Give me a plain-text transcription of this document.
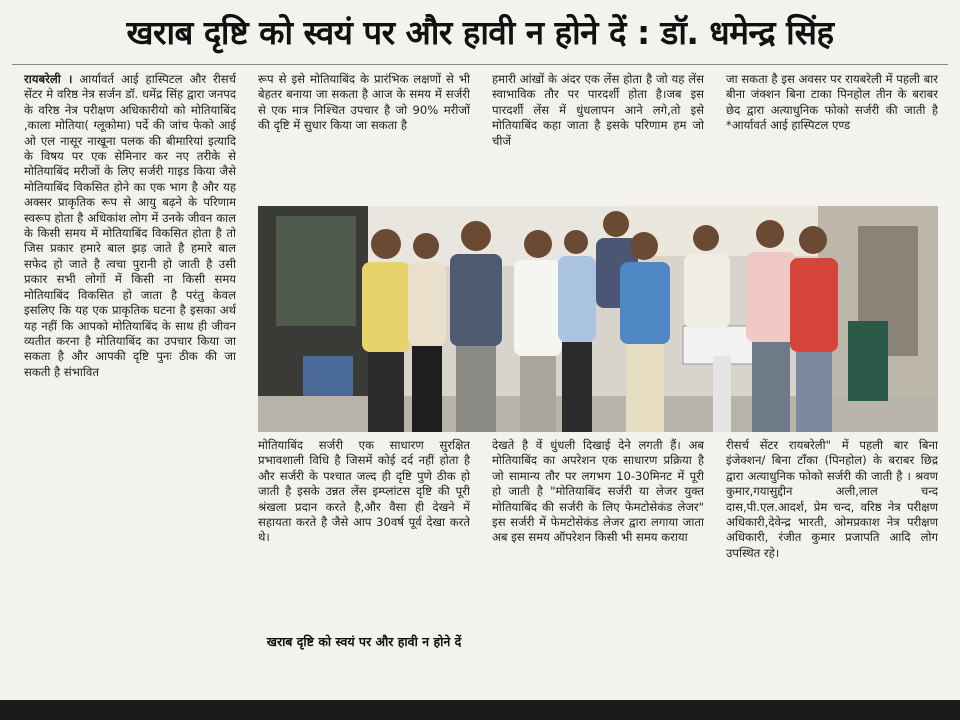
खराब दृष्टि को स्वयं पर और हावी न होने दें : डॉ. धमेन्द्र सिंह

रायबरेली । आर्यावर्त आई हास्पिटल और रीसर्च सेंटर मे वरिष्ठ नेत्र सर्जन डॉ. धमेंद्र सिंह द्वारा जनपद के वरिष्ठ नेत्र परीक्षण अधिकारीयो को मोतियाबिंद ,काला मोतिया( ग्लूकोमा) पर्दे की जांच फेको आई ओ एल नासूर नाखूना पलक की बीमारियां इत्यादि के विषय पर एक सेमिनार कर नए तरीके से मोतियाबिंद मरीजों के लिए सर्जरी गाइड किया जैसे मोतियाबिंद विकसित होने का एक भाग है और यह अक्सर प्राकृतिक रूप से आयु बढ़ने के परिणाम स्वरूप होता है अधिकांश लोग में उनके जीवन काल के किसी समय में मोतियाबिंद विकसित होता है तो जिस प्रकार हमारे बाल झड़ जाते है हमारे बाल सफेद हो जाते है त्वचा पुरानी हो जाती है उसी प्रकार सभी लोगों में किसी ना किसी समय मोतियाबिंद विकसित हो जाता है परंतु केवल इसलिए कि यह एक प्राकृतिक घटना है इसका अर्थ यह नहीं कि आपको मोतियाबिंद के साथ ही जीवन व्यतीत करना है मोतियाबिंद का उपचार किया जा सकता है और आपकी दृष्टि पुनः ठीक की जा सकती है संभावित

रूप से इसे मोतियाबिंद के प्रारंभिक लक्षणों से भी बेहतर बनाया जा सकता है आज के समय में सर्जरी से एक मात्र निश्चित उपचार है जो 90% मरीजों की दृष्टि में सुधार किया जा सकता है

हमारी आंखों के अंदर एक लेंस होता है जो यह लेंस स्वाभाविक तौर पर पारदर्शी होता है।जब इस पारदर्शी लेंस में धुंधलापन आने लगे,तो इसे मोतियाबिंद कहा जाता है इसके परिणाम हम जो चीजें

जा सकता है इस अवसर पर रायबरेली में पहली बार बीना जंक्शन बिना टाका पिनहोल तीन के बराबर छेद द्वारा अत्याधुनिक फोको सर्जरी की जाती है *आर्यावर्त आई हास्पिटल एण्ड

मोतियाबिंद सर्जरी एक साधारण सुरक्षित प्रभावशाली विधि है जिसमें कोई दर्द नहीं होता है और सर्जरी के पश्चात जल्द ही दृष्टि पुणे ठीक हो जाती है इसके उन्नत लेंस इम्प्लांटस दृष्टि की पूरी श्रंखला प्रदान करते है,और वैसा ही देखने में सहायता करते है जैसे आप 30वर्ष पूर्व देखा करते थे।

खराब दृष्टि को स्वयं पर और हावी न होने दें

देखते है वें धुंधली दिखाई देने लगती हैं। अब मोतियाबिंद का अपरेशन एक साधारण प्रक्रिया है जो सामान्य तौर पर लगभग 10-30मिनट में पूरी हो जाती है "मोतियाबिंद सर्जरी या लेजर युक्त मोतियाबिंद की सर्जरी के लिए फेमटोसेकंड लेजर" इस सर्जरी में फेमटोसेकंड लेजर द्वारा लगाया जाता अब इस समय ऑपरेशन किसी भी समय कराया

रीसर्च सेंटर रायबरेली" में पहली बार बिना इंजेक्शन/ बिना टाँका (पिनहोल) के बराबर छिद्र द्वारा अत्याधुनिक फोको सर्जरी की जाती है । श्रवण कुमार,गयासुद्दीन अली,लाल चन्द दास,पी.एल.आदर्श, प्रेम चन्द, वरिष्ठ नेत्र परीक्षण अधिकारी,देवेन्द्र भारती, ओमप्रकाश नेत्र परीक्षण अधिकारी, रंजीत कुमार प्रजापति आदि लोग उपस्थित रहे।
